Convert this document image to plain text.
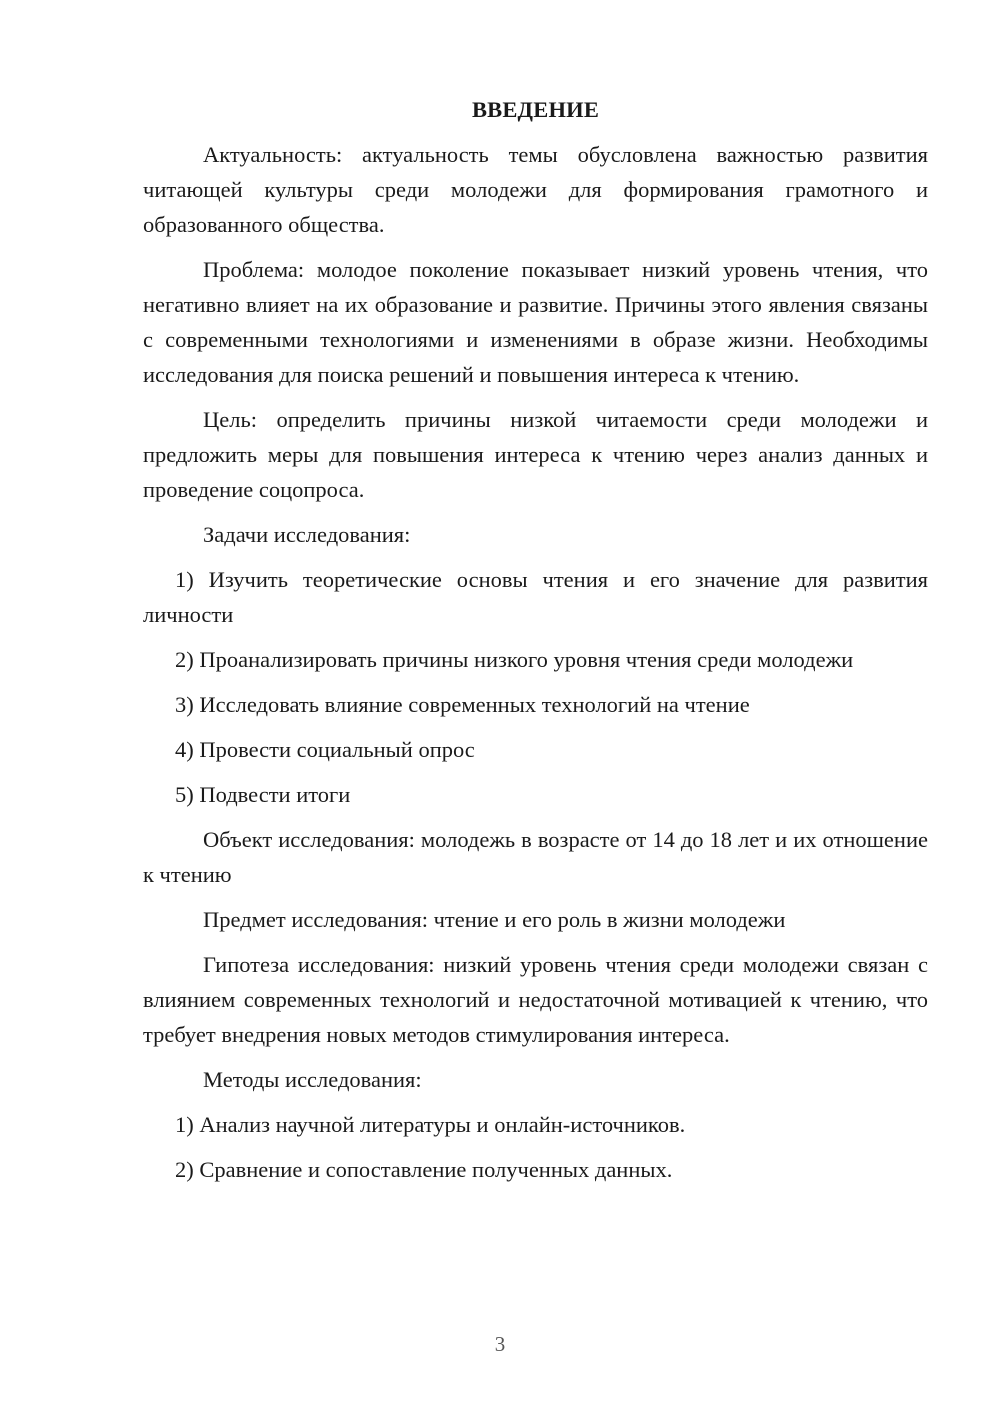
ВВЕДЕНИЕ

Актуальность: актуальность темы обусловлена важностью развития читающей культуры среди молодежи для формирования грамотного и образованного общества.

Проблема: молодое поколение показывает низкий уровень чтения, что негативно влияет на их образование и развитие. Причины этого явления связаны с современными технологиями и изменениями в образе жизни. Необходимы исследования для поиска решений и повышения интереса к чтению.

Цель: определить причины низкой читаемости среди молодежи и предложить меры для повышения интереса к чтению через анализ данных и проведение соцопроса.

Задачи исследования:

1) Изучить теоретические основы чтения и его значение для развития личности

2) Проанализировать причины низкого уровня чтения среди молодежи

3) Исследовать влияние современных технологий на чтение

4) Провести социальный опрос

5) Подвести итоги

Объект исследования: молодежь в возрасте от 14 до 18 лет и их отношение к чтению

Предмет исследования: чтение и его роль в жизни молодежи

Гипотеза исследования: низкий уровень чтения среди молодежи связан с влиянием современных технологий и недостаточной мотивацией к чтению, что требует внедрения новых методов стимулирования интереса.

Методы исследования:

1) Анализ научной литературы и онлайн-источников.

2) Сравнение и сопоставление полученных данных.

3
